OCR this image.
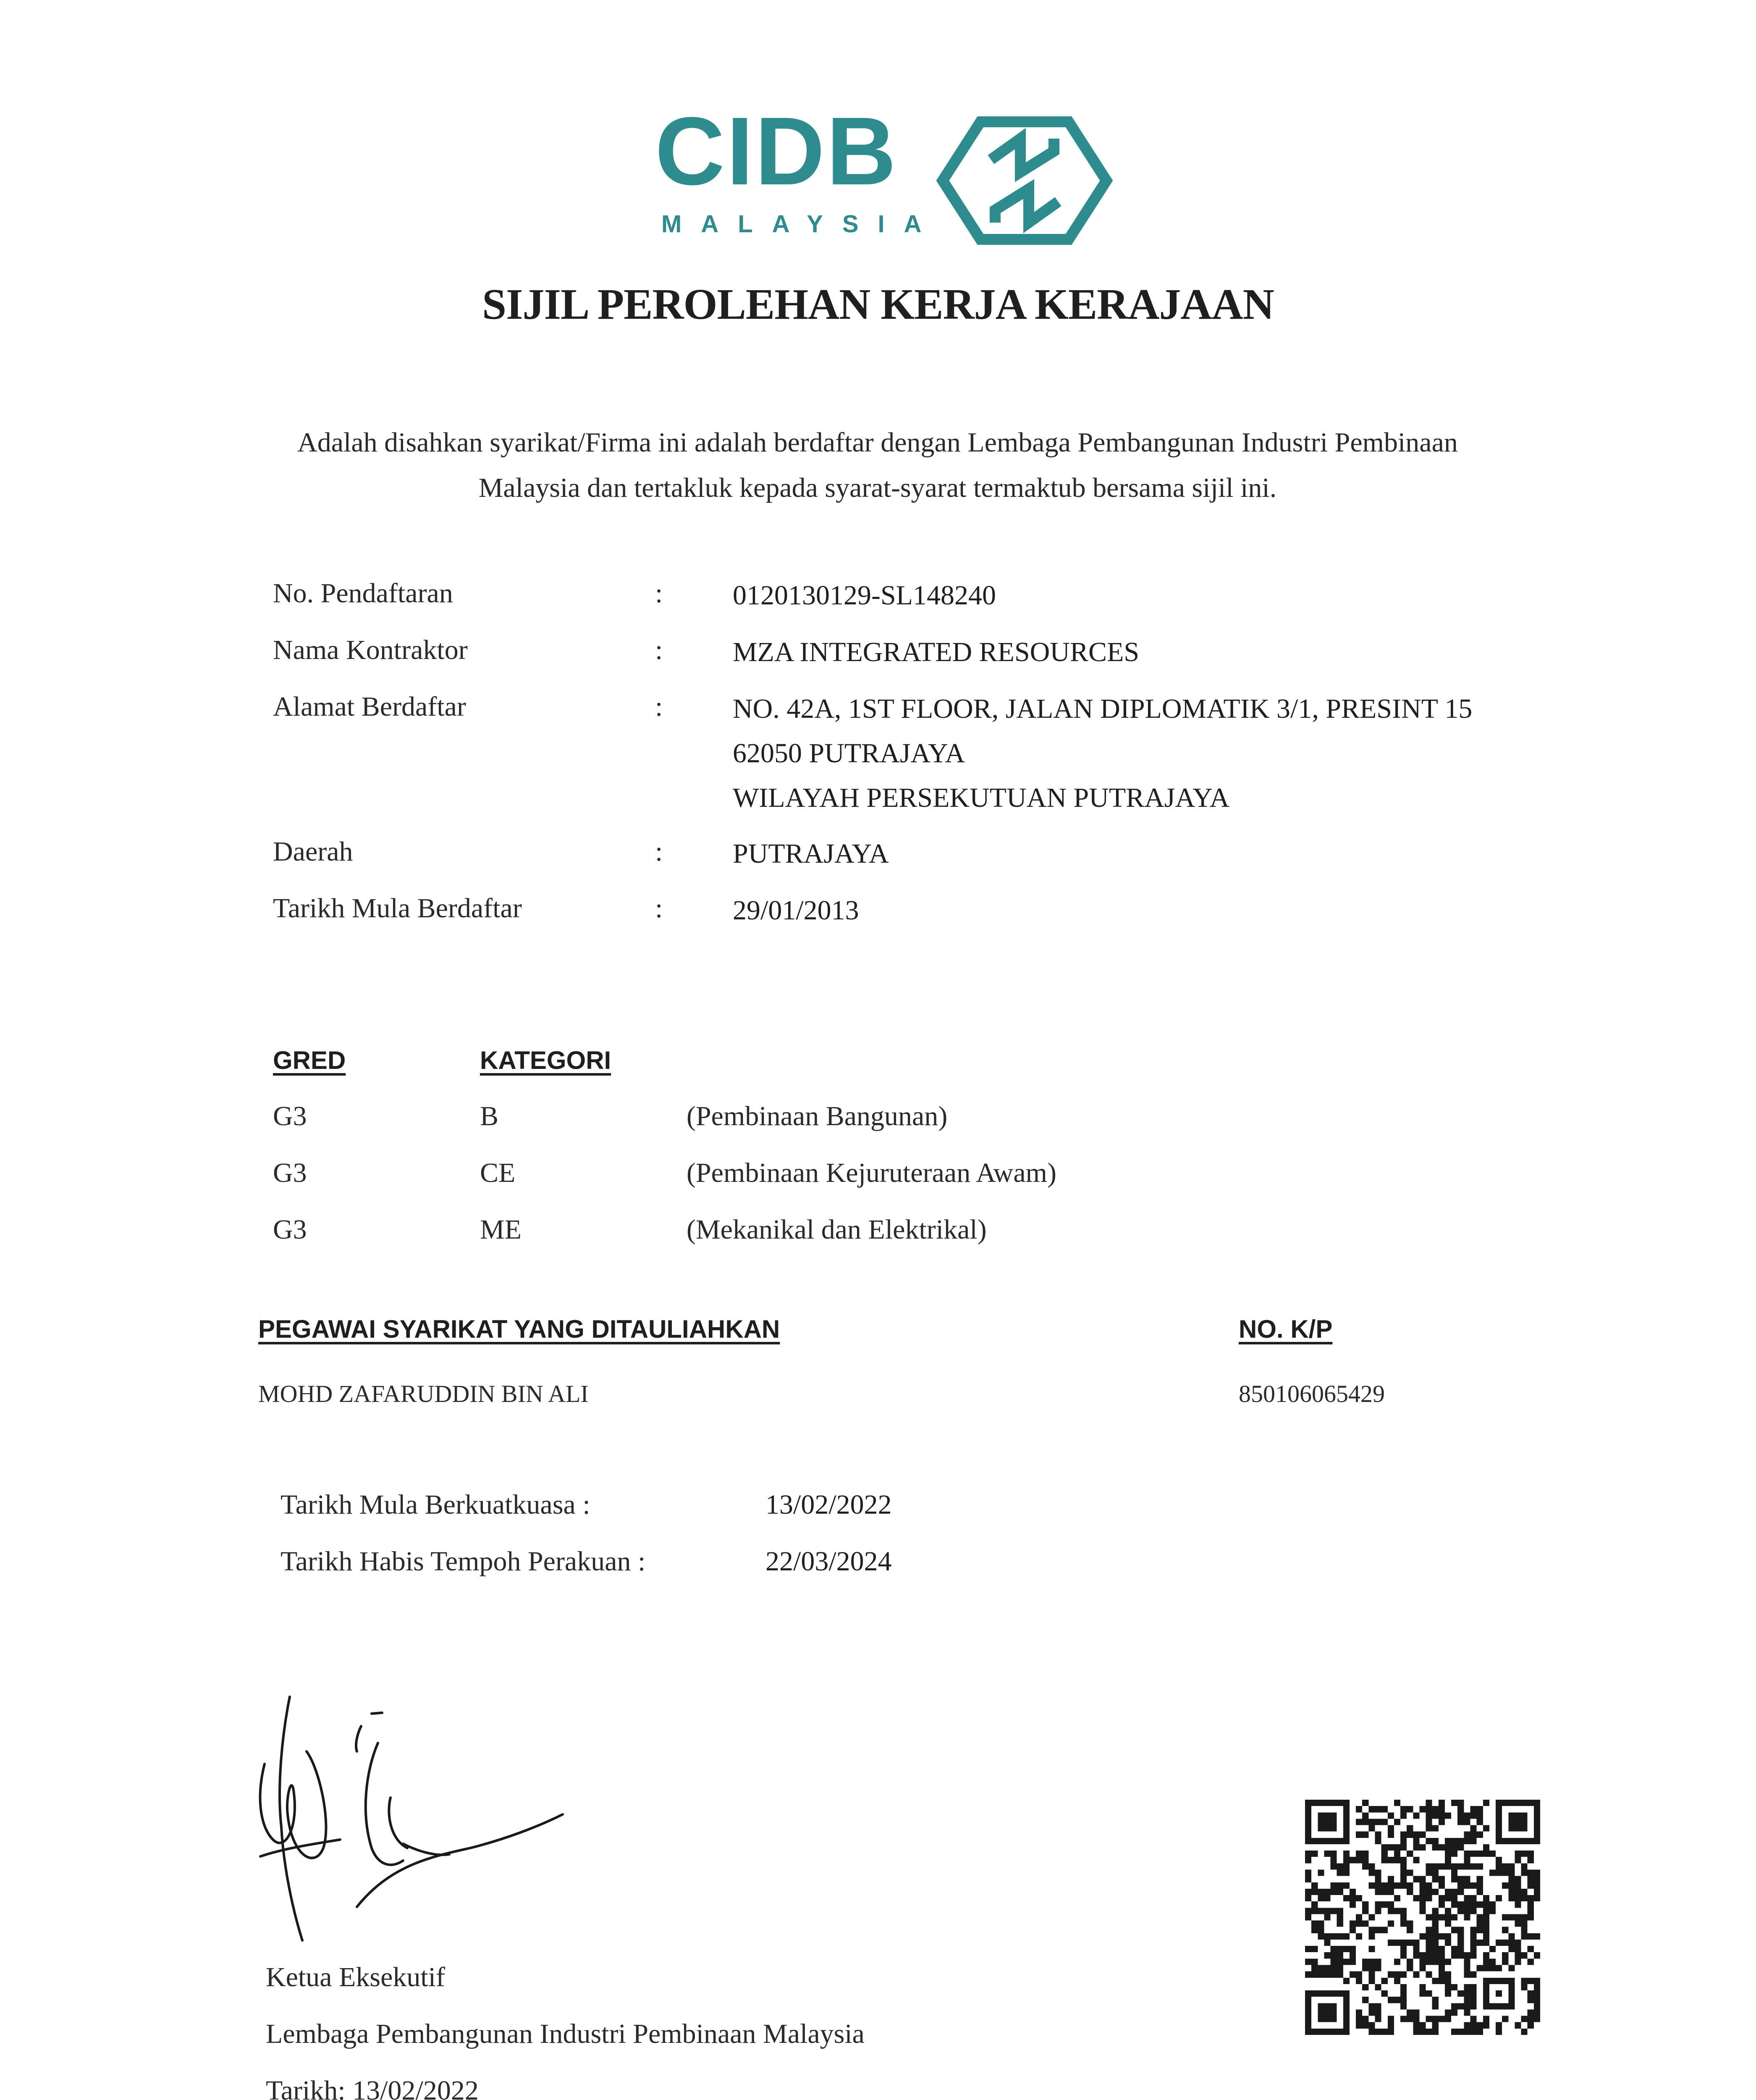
CIDB
MALAYSIA
SIJIL PEROLEHAN KERJA KERAJAAN
Adalah disahkan syarikat/Firma ini adalah berdaftar dengan Lembaga Pembangunan Industri Pembinaan
Malaysia dan tertakluk kepada syarat-syarat termaktub bersama sijil ini.
No. Pendaftaran	:	0120130129-SL148240
Nama Kontraktor	:	MZA INTEGRATED RESOURCES
Alamat Berdaftar	:	NO. 42A, 1ST FLOOR, JALAN DIPLOMATIK 3/1, PRESINT 15
62050 PUTRAJAYA
WILAYAH PERSEKUTUAN PUTRAJAYA
Daerah	:	PUTRAJAYA
Tarikh Mula Berdaftar	:	29/01/2013
GRED	KATEGORI
G3	B	(Pembinaan Bangunan)
G3	CE	(Pembinaan Kejuruteraan Awam)
G3	ME	(Mekanikal dan Elektrikal)
PEGAWAI SYARIKAT YANG DITAULIAHKAN	NO. K/P
MOHD ZAFARUDDIN BIN ALI	850106065429
Tarikh Mula Berkuatkuasa :	13/02/2022
Tarikh Habis Tempoh Perakuan :	22/03/2024
Ketua Eksekutif
Lembaga Pembangunan Industri Pembinaan Malaysia
Tarikh: 13/02/2022
